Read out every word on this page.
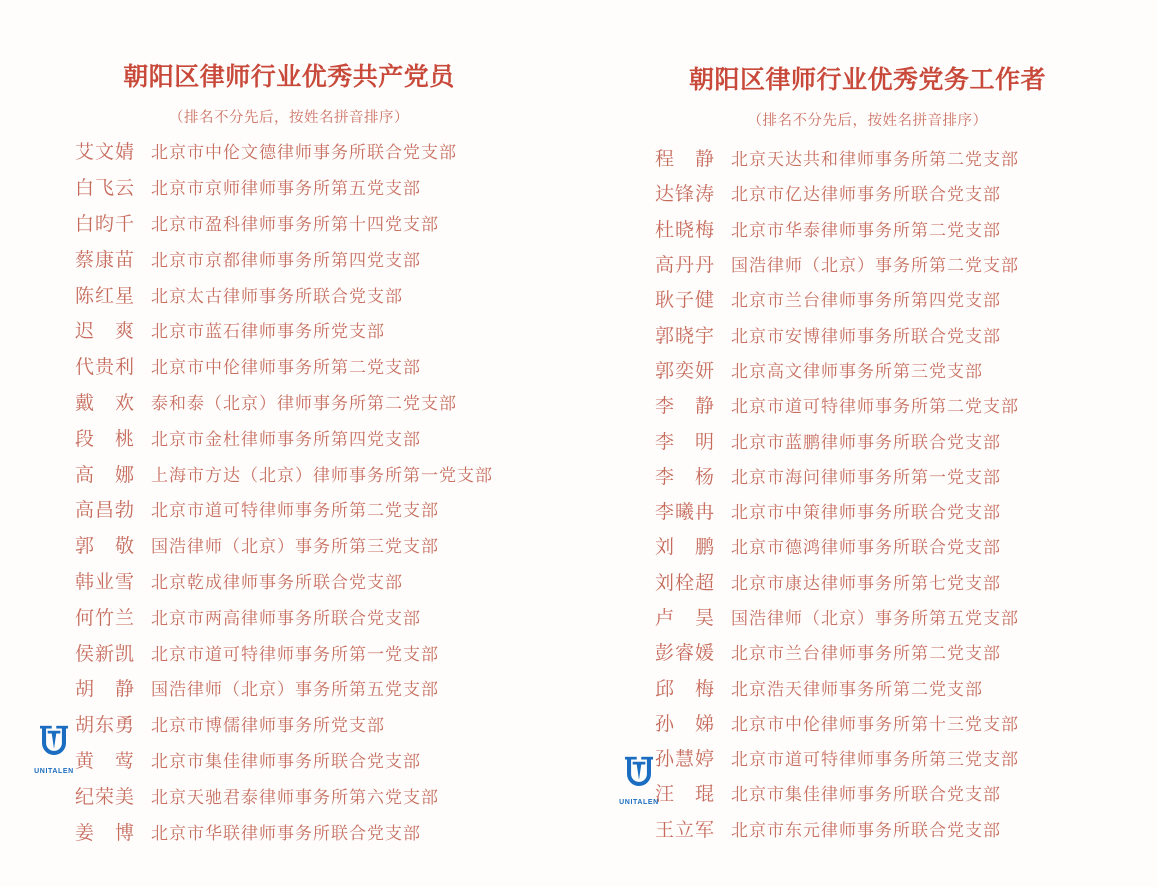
朝阳区律师行业优秀共产党员
（排名不分先后，按姓名拼音排序）
艾文婧 北京市中伦文德律师事务所联合党支部
白飞云 北京市京师律师事务所第五党支部
白昀千 北京市盈科律师事务所第十四党支部
蔡康苗 北京市京都律师事务所第四党支部
陈红星 北京太古律师事务所联合党支部
迟　爽 北京市蓝石律师事务所党支部
代贵利 北京市中伦律师事务所第二党支部
戴　欢 泰和泰（北京）律师事务所第二党支部
段　桃 北京市金杜律师事务所第四党支部
高　娜 上海市方达（北京）律师事务所第一党支部
高昌勃 北京市道可特律师事务所第二党支部
郭　敬 国浩律师（北京）事务所第三党支部
韩业雪 北京乾成律师事务所联合党支部
何竹兰 北京市两高律师事务所联合党支部
侯新凯 北京市道可特律师事务所第一党支部
胡　静 国浩律师（北京）事务所第五党支部
胡东勇 北京市博儒律师事务所党支部
黄　莺 北京市集佳律师事务所联合党支部
纪荣美 北京天驰君泰律师事务所第六党支部
姜　博 北京市华联律师事务所联合党支部
朝阳区律师行业优秀党务工作者
（排名不分先后，按姓名拼音排序）
程　静 北京天达共和律师事务所第二党支部
达锋涛 北京市亿达律师事务所联合党支部
杜晓梅 北京市华泰律师事务所第二党支部
高丹丹 国浩律师（北京）事务所第二党支部
耿子健 北京市兰台律师事务所第四党支部
郭晓宇 北京市安博律师事务所联合党支部
郭奕妍 北京高文律师事务所第三党支部
李　静 北京市道可特律师事务所第二党支部
李　明 北京市蓝鹏律师事务所联合党支部
李　杨 北京市海问律师事务所第一党支部
李曦冉 北京市中策律师事务所联合党支部
刘　鹏 北京市德鸿律师事务所联合党支部
刘栓超 北京市康达律师事务所第七党支部
卢　昊 国浩律师（北京）事务所第五党支部
彭睿媛 北京市兰台律师事务所第二党支部
邱　梅 北京浩天律师事务所第二党支部
孙　娣 北京市中伦律师事务所第十三党支部
孙慧婷 北京市道可特律师事务所第三党支部
汪　琨 北京市集佳律师事务所联合党支部
王立军 北京市东元律师事务所联合党支部
UNITALEN
UNITALEN
